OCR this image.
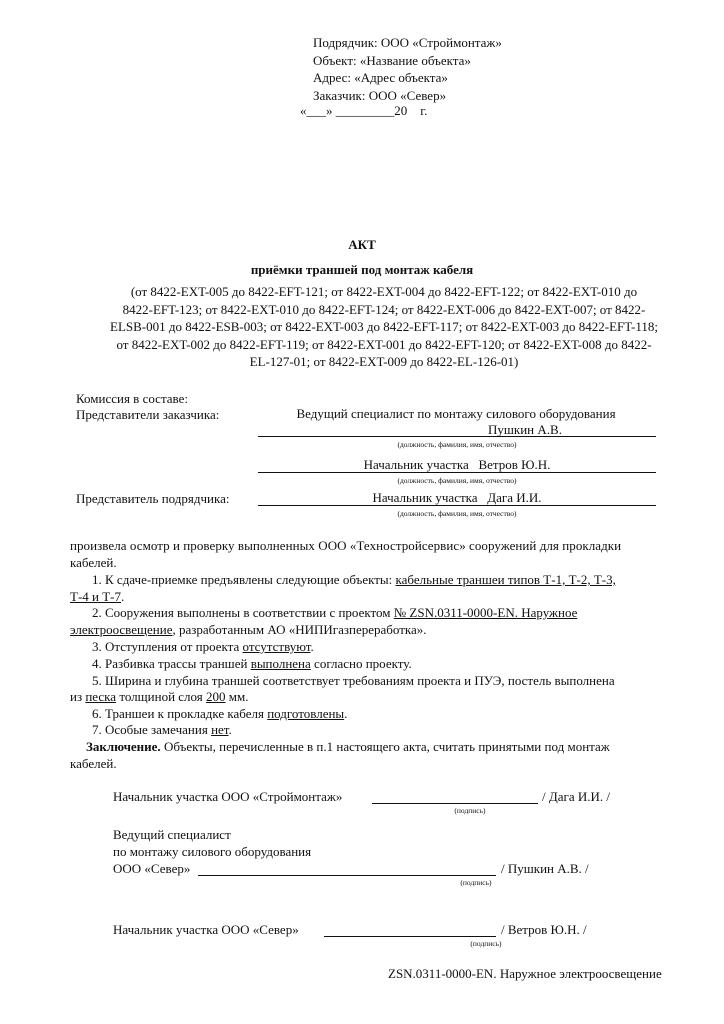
Подрядчик: ООО «Строймонтаж»
Объект: «Название объекта»
Адрес: «Адрес объекта»
Заказчик: ООО «Север»
«___» _________20    г.
АКТ
приёмки траншей под монтаж кабеля
(от 8422-EXT-005 до 8422-EFT-121; от 8422-EXT-004 до 8422-EFT-122; от 8422-EXT-010 до
8422-EFT-123; от 8422-EXT-010 до 8422-EFT-124; от 8422-EXT-006 до 8422-EXT-007; от 8422-
ELSB-001 до 8422-ESB-003; от 8422-EXT-003 до 8422-EFT-117; от 8422-EXT-003 до 8422-EFT-118;
от 8422-EXT-002 до 8422-EFT-119; от 8422-EXT-001 до 8422-EFT-120; от 8422-EXT-008 до 8422-
EL-127-01; от 8422-EXT-009 до 8422-EL-126-01)
Комиссия в составе:
Представители заказчика:	Ведущий специалист по монтажу силового оборудования
Пушкин А.В.
(должность, фамилия, имя, отчество)
Начальник участка   Ветров Ю.Н.
(должность, фамилия, имя, отчество)
Представитель подрядчика:	Начальник участка   Дага И.И.
(должность, фамилия, имя, отчество)
произвела осмотр и проверку выполненных ООО «Техностройсервис» сооружений для прокладки
кабелей.
1. К сдаче-приемке предъявлены следующие объекты: кабельные траншеи типов Т-1, Т-2, Т-3,
Т-4 и Т-7.
2. Сооружения выполнены в соответствии с проектом № ZSN.0311-0000-EN. Наружное
электроосвещение, разработанным АО «НИПИгазпереработка».
3. Отступления от проекта отсутствуют.
4. Разбивка трассы траншей выполнена согласно проекту.
5. Ширина и глубина траншей соответствует требованиям проекта и ПУЭ, постель выполнена
из песка толщиной слоя 200 мм.
6. Траншеи к прокладке кабеля подготовлены.
7. Особые замечания нет.
Заключение. Объекты, перечисленные в п.1 настоящего акта, считать принятыми под монтаж
кабелей.
Начальник участка ООО «Строймонтаж»	/ Дага И.И. /
(подпись)
Ведущий специалист
по монтажу силового оборудования
ООО «Север»	/ Пушкин А.В. /
(подпись)
Начальник участка ООО «Север»	/ Ветров Ю.Н. /
(подпись)
ZSN.0311-0000-EN. Наружное электроосвещение
